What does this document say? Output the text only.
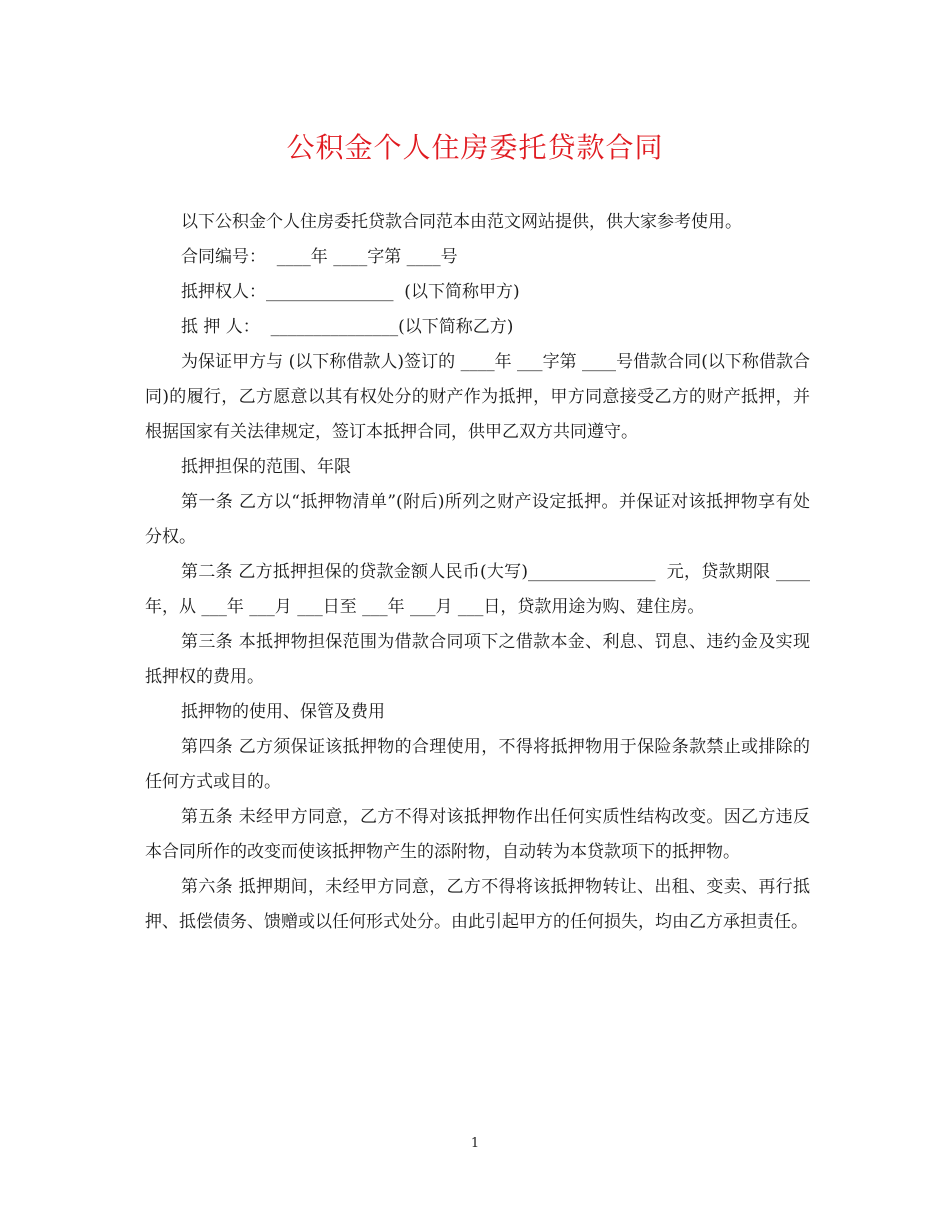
公积金个人住房委托贷款合同

以下公积金个人住房委托贷款合同范本由范文网站提供，供大家参考使用。

合同编号：  ____年 ____字第 ____号

抵押权人：_______________  (以下简称甲方)

抵 押 人：  _______________(以下简称乙方)

为保证甲方与 (以下称借款人)签订的 ____年 ___字第 ____号借款合同(以下称借款合同)的履行，乙方愿意以其有权处分的财产作为抵押，甲方同意接受乙方的财产抵押，并根据国家有关法律规定，签订本抵押合同，供甲乙双方共同遵守。

抵押担保的范围、年限

第一条 乙方以“抵押物清单”(附后)所列之财产设定抵押。并保证对该抵押物享有处分权。

第二条 乙方抵押担保的贷款金额人民币(大写)_______________  元，贷款期限 ____年，从 ___年 ___月 ___日至 ___年 ___月 ___日，贷款用途为购、建住房。

第三条 本抵押物担保范围为借款合同项下之借款本金、利息、罚息、违约金及实现抵押权的费用。

抵押物的使用、保管及费用

第四条 乙方须保证该抵押物的合理使用，不得将抵押物用于保险条款禁止或排除的任何方式或目的。

第五条 未经甲方同意，乙方不得对该抵押物作出任何实质性结构改变。因乙方违反本合同所作的改变而使该抵押物产生的添附物，自动转为本贷款项下的抵押物。

第六条 抵押期间，未经甲方同意，乙方不得将该抵押物转让、出租、变卖、再行抵押、抵偿债务、馈赠或以任何形式处分。由此引起甲方的任何损失，均由乙方承担责任。

1
